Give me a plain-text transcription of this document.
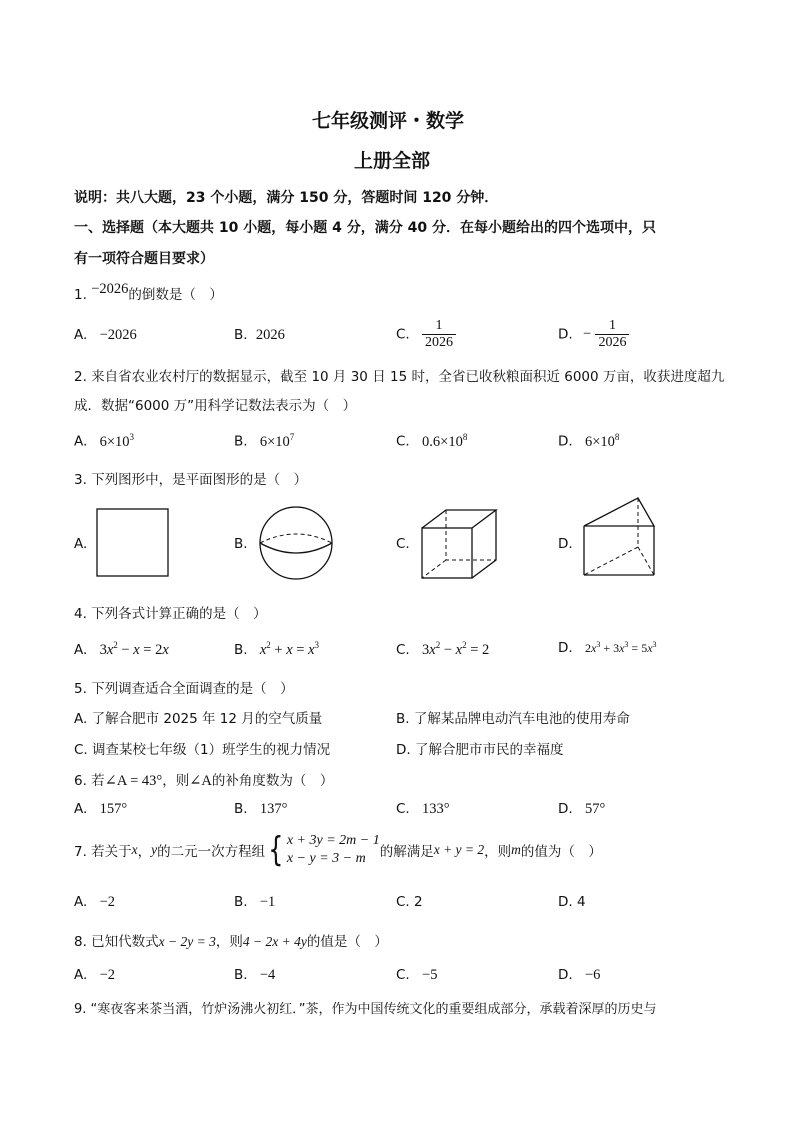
七年级测评・数学
上册全部
说明：共八大题，23 个小题，满分 150 分，答题时间 120 分钟．
一、选择题（本大题共 10 小题，每小题 4 分，满分 40 分．在每小题给出的四个选项中，只
有一项符合题目要求）
1. −2026的倒数是（　）
A. −2026	B. 2026	C. $\frac{1}{2026}$	D. − $\frac{1}{2026}$
2. 来自省农业农村厅的数据显示，截至 10 月 30 日 15 时，全省已收秋粮面积近 6000 万亩，收获进度超九
成．数据“6000 万”用科学记数法表示为（　）
A. $6\times 10^3$	B. $6\times 10^7$	C. $0.6\times 10^8$	D. $6\times 10^8$
3. 下列图形中，是平面图形的是（　）
A.	B.	C.	D.
4. 下列各式计算正确的是（　）
A. $3x^2 - x = 2x$	B. $x^2 + x = x^3$	C. $3x^2 - x^2 = 2$	D. $2x^3 + 3x^3 = 5x^3$
5. 下列调查适合全面调查的是（　）
A. 了解合肥市 2025 年 12 月的空气质量	B. 了解某品牌电动汽车电池的使用寿命
C. 调查某校七年级（1）班学生的视力情况	D. 了解合肥市市民的幸福度
6. 若∠A = 43°，则∠A的补角度数为（　）
A. 157°	B. 137°	C. 133°	D. 57°
7. 若关于x，y的二元一次方程组{ x + 3y = 2m − 1
x − y = 3 − m	的解满足x + y = 2，则m的值为（　）
A. −2	B. −1	C. 2	D. 4
8. 已知代数式x − 2y = 3，则4 − 2x + 4y的值是（　）
A. −2	B. −4	C. −5	D. −6
9. “寒夜客来茶当酒，竹炉汤沸火初红．”茶，作为中国传统文化的重要组成部分，承载着深厚的历史与
